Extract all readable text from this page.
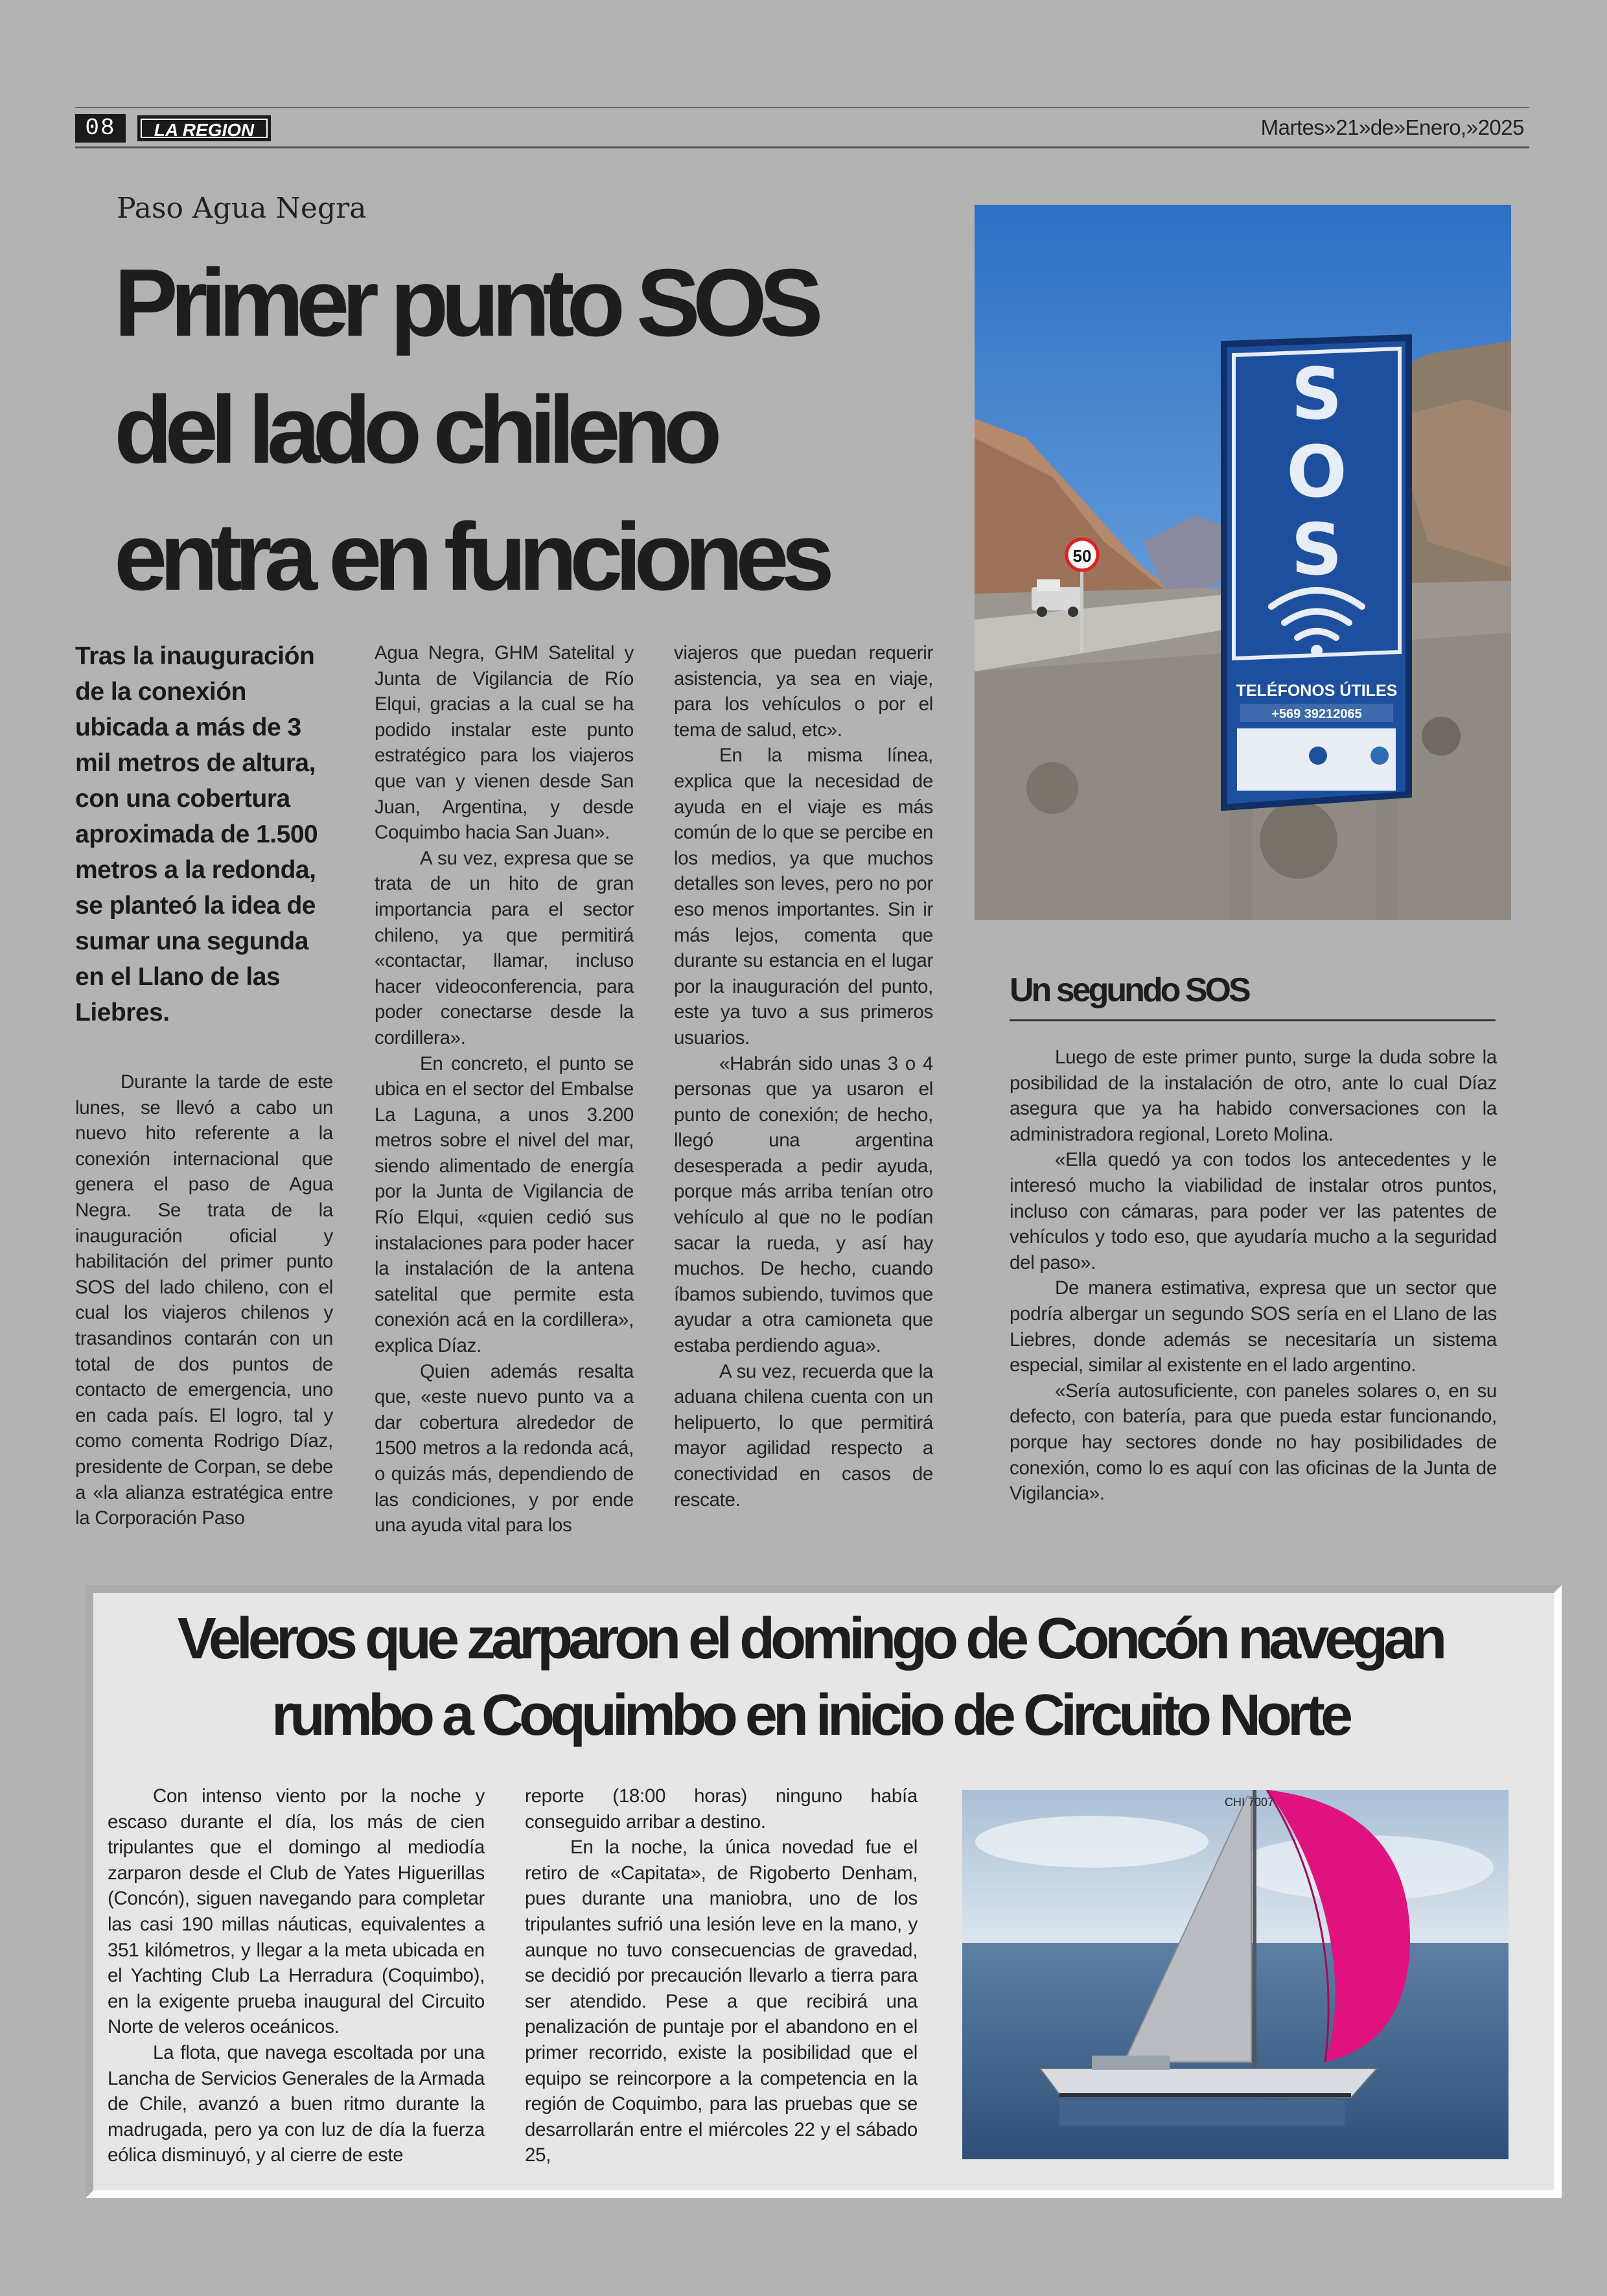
08	LA REGION	Martes»21»de»Enero,»2025
Paso Agua Negra
Primer punto SOS
del lado chileno
entra en funciones	50
S
O
S
TELÉFONOS ÚTILES
+569 39212065
Tras la inauguración de la conexión ubicada a más de 3 mil metros de altura, con una cobertura aproximada de 1.500 metros a la redonda, se planteó la idea de sumar una segunda en el Llano de las Liebres.

Durante la tarde de este lunes, se llevó a cabo un nuevo hito referente a la conexión internacional que genera el paso de Agua Negra. Se trata de la inauguración oficial y habilitación del primer punto SOS del lado chileno, con el cual los viajeros chilenos y trasandinos contarán con un total de dos puntos de contacto de emergencia, uno en cada país. El logro, tal y como comenta Rodrigo Díaz, presidente de Corpan, se debe a «la alianza estratégica entre la Corporación Paso

Agua Negra, GHM Satelital y Junta de Vigilancia de Río Elqui, gracias a la cual se ha podido instalar este punto estratégico para los viajeros que van y vienen desde San Juan, Argentina, y desde Coquimbo hacia San Juan».

A su vez, expresa que se trata de un hito de gran importancia para el sector chileno, ya que permitirá «contactar, llamar, incluso hacer videoconferencia, para poder conectarse desde la cordillera».

En concreto, el punto se ubica en el sector del Embalse La Laguna, a unos 3.200 metros sobre el nivel del mar, siendo alimentado de energía por la Junta de Vigilancia de Río Elqui, «quien cedió sus instalaciones para poder hacer la instalación de la antena satelital que permite esta conexión acá en la cordillera», explica Díaz.

Quien además resalta que, «este nuevo punto va a dar cobertura alrededor de 1500 metros a la redonda acá, o quizás más, dependiendo de las condiciones, y por ende una ayuda vital para los

viajeros que puedan requerir asistencia, ya sea en viaje, para los vehículos o por el tema de salud, etc».

En la misma línea, explica que la necesidad de ayuda en el viaje es más común de lo que se percibe en los medios, ya que muchos detalles son leves, pero no por eso menos importantes. Sin ir más lejos, comenta que durante su estancia en el lugar por la inauguración del punto, este ya tuvo a sus primeros usuarios.

«Habrán sido unas 3 o 4 personas que ya usaron el punto de conexión; de hecho, llegó una argentina desesperada a pedir ayuda, porque más arriba tenían otro vehículo al que no le podían sacar la rueda, y así hay muchos. De hecho, cuando íbamos subiendo, tuvimos que ayudar a otra camioneta que estaba perdiendo agua».

A su vez, recuerda que la aduana chilena cuenta con un helipuerto, lo que permitirá mayor agilidad respecto a conectividad en casos de rescate.

Un segundo SOS

Luego de este primer punto, surge la duda sobre la posibilidad de la instalación de otro, ante lo cual Díaz asegura que ya ha habido conversaciones con la administradora regional, Loreto Molina.

«Ella quedó ya con todos los antecedentes y le interesó mucho la viabilidad de instalar otros puntos, incluso con cámaras, para poder ver las patentes de vehículos y todo eso, que ayudaría mucho a la seguridad del paso».

De manera estimativa, expresa que un sector que podría albergar un segundo SOS sería en el Llano de las Liebres, donde además se necesitaría un sistema especial, similar al existente en el lado argentino.

«Sería autosuficiente, con paneles solares o, en su defecto, con batería, para que pueda estar funcionando, porque hay sectores donde no hay posibilidades de conexión, como lo es aquí con las oficinas de la Junta de Vigilancia».

Veleros que zarparon el domingo de Concón navegan
rumbo a Coquimbo en inicio de Circuito Norte

Con intenso viento por la noche y escaso durante el día, los más de cien tripulantes que el domingo al mediodía zarparon desde el Club de Yates Higuerillas (Concón), siguen navegando para completar las casi 190 millas náuticas, equivalentes a 351 kilómetros, y llegar a la meta ubicada en el Yachting Club La Herradura (Coquimbo), en la exigente prueba inaugural del Circuito Norte de veleros oceánicos.

La flota, que navega escoltada por una Lancha de Servicios Generales de la Armada de Chile, avanzó a buen ritmo durante la madrugada, pero ya con luz de día la fuerza eólica disminuyó, y al cierre de este

reporte (18:00 horas) ninguno había conseguido arribar a destino.

En la noche, la única novedad fue el retiro de «Capitata», de Rigoberto Denham, pues durante una maniobra, uno de los tripulantes sufrió una lesión leve en la mano, y aunque no tuvo consecuencias de gravedad, se decidió por precaución llevarlo a tierra para ser atendido. Pese a que recibirá una penalización de puntaje por el abandono en el primer recorrido, existe la posibilidad que el equipo se reincorpore a la competencia en la región de Coquimbo, para las pruebas que se desarrollarán entre el miércoles 22 y el sábado 25,

CHI 7007
